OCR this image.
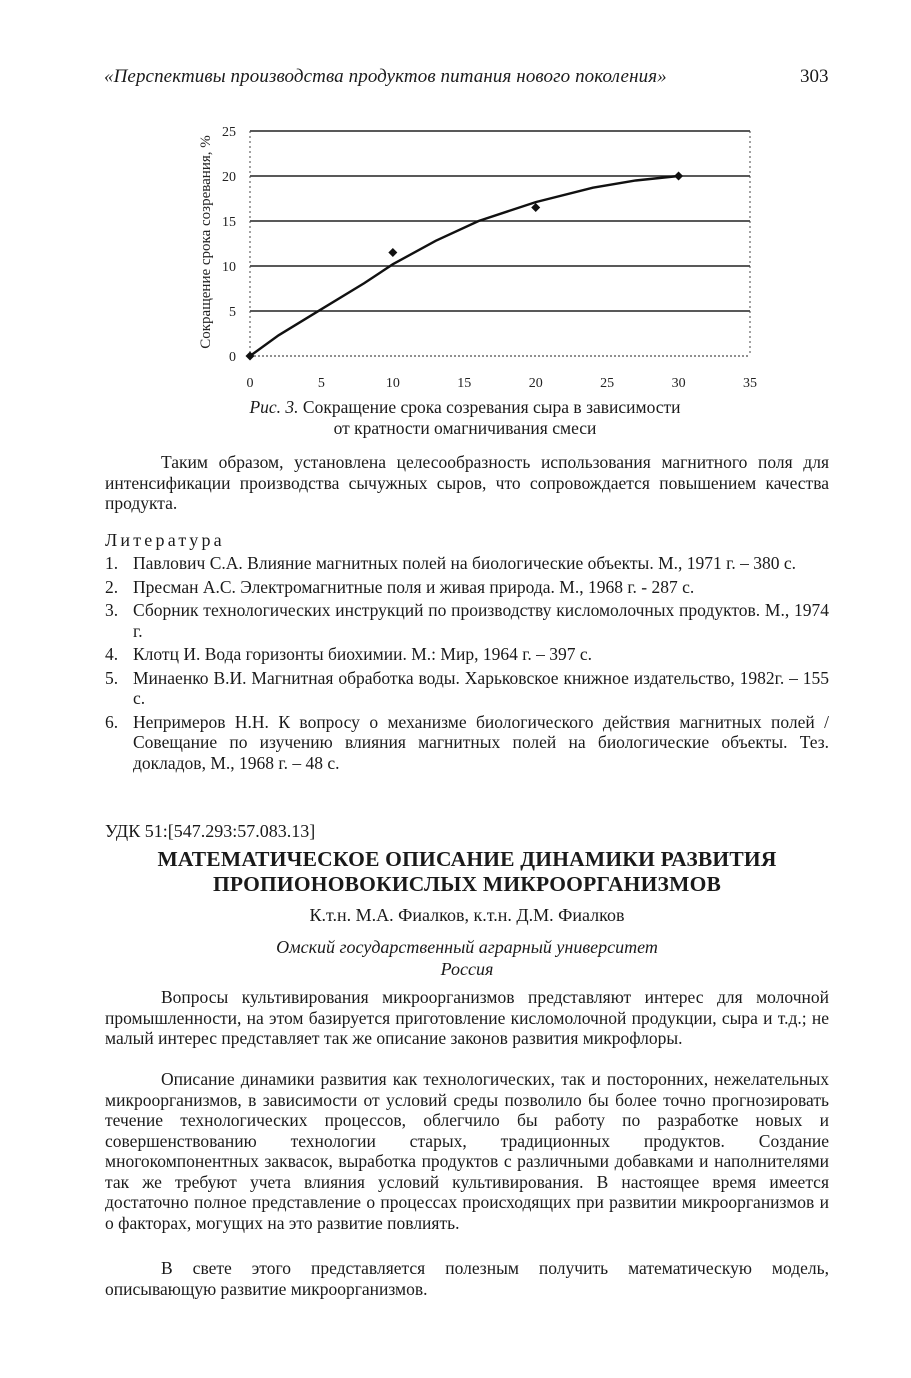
«Перспективы производства продуктов питания нового поколения»	303
Сокращение срока созревания, %
0
5
10
15
20
25
0	5	10	15	20	25	30	35
Рис. 3. Сокращение срока созревания сыра в зависимости
от кратности омагничивания смеси

Таким образом, установлена целесообразность использования магнитного поля для интенсификации производства сычужных сыров, что сопровождается повышением качества продукта.

Литература
1. Павлович С.А. Влияние магнитных полей на биологические объекты. М., 1971 г. – 380 с.
2. Пресман А.С. Электромагнитные поля и живая природа. М., 1968 г. - 287 с.
3. Сборник технологических инструкций по производству кисломолочных продуктов. М., 1974 г.
4. Клотц И. Вода горизонты биохимии. М.: Мир, 1964 г. – 397 с.
5. Минаенко В.И. Магнитная обработка воды. Харьковское книжное издательство, 1982г. – 155 с.
6. Непримеров Н.Н. К вопросу о механизме биологического действия магнитных полей / Совещание по изучению влияния магнитных полей на биологические объекты. Тез. докладов, М., 1968 г. – 48 с.
УДК 51:[547.293:57.083.13]
МАТЕМАТИЧЕСКОЕ ОПИСАНИЕ ДИНАМИКИ РАЗВИТИЯ
ПРОПИОНОВОКИСЛЫХ МИКРООРГАНИЗМОВ
К.т.н. М.А. Фиалков, к.т.н. Д.М. Фиалков
Омский государственный аграрный университет
Россия

Вопросы культивирования микроорганизмов представляют интерес для молочной промышленности, на этом базируется приготовление кисломолочной продукции, сыра и т.д.; не малый интерес представляет так же описание законов развития микрофлоры.

Описание динамики развития как технологических, так и посторонних, нежелательных микроорганизмов, в зависимости от условий среды позволило бы более точно прогнозировать течение технологических процессов, облегчило бы работу по разработке новых и совершенствованию технологии старых, традиционных продуктов. Создание многокомпонентных заквасок, выработка продуктов с различными добавками и наполнителями так же требуют учета влияния условий культивирования. В настоящее время имеется достаточно полное представление о процессах происходящих при развитии микроорганизмов и о факторах, могущих на это развитие повлиять.

В свете этого представляется полезным получить математическую модель, описывающую развитие микроорганизмов.
